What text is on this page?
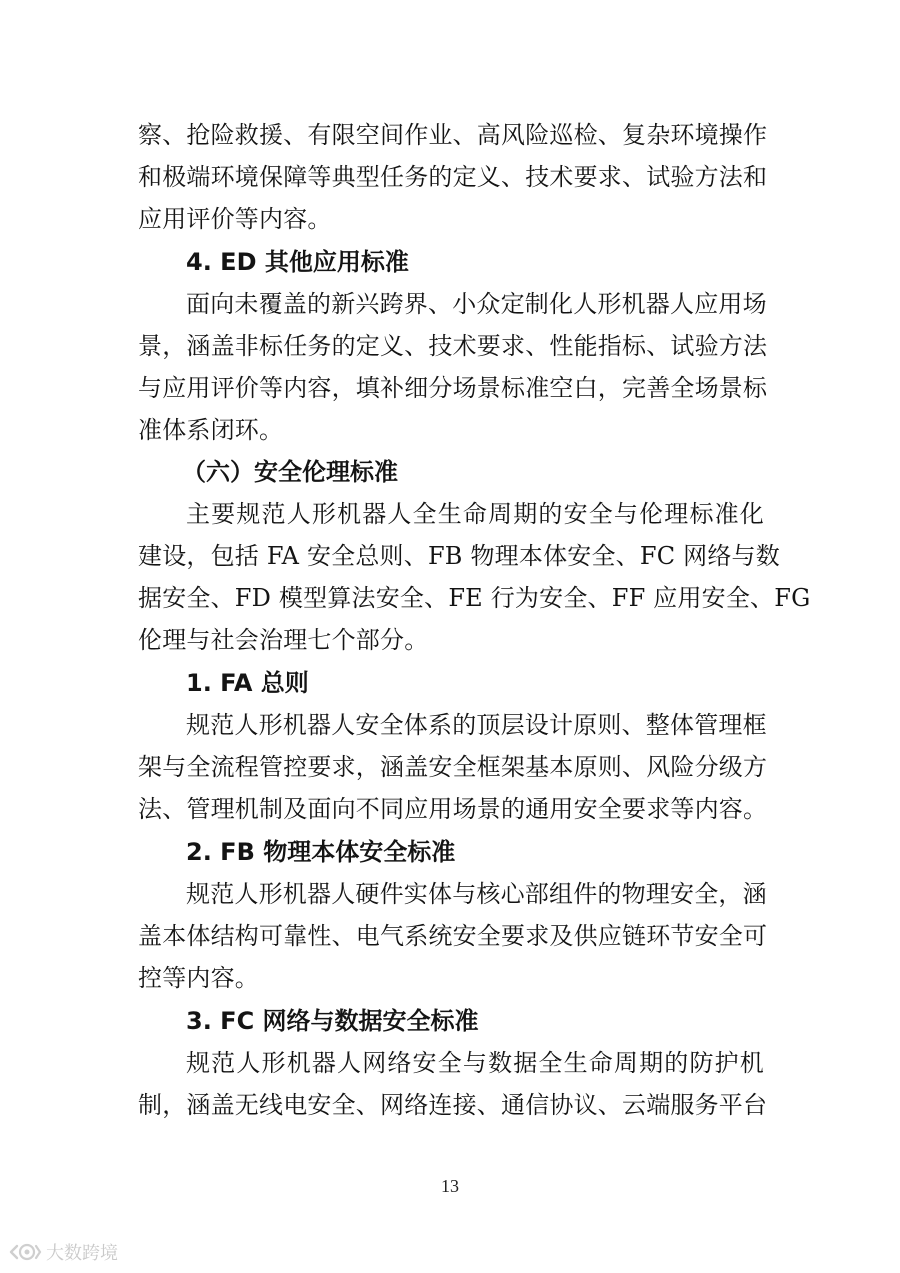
察、抢险救援、有限空间作业、高风险巡检、复杂环境操作
和极端环境保障等典型任务的定义、技术要求、试验方法和
应用评价等内容。
4. ED 其他应用标准
面向未覆盖的新兴跨界、小众定制化人形机器人应用场
景，涵盖非标任务的定义、技术要求、性能指标、试验方法
与应用评价等内容，填补细分场景标准空白，完善全场景标
准体系闭环。
（六）安全伦理标准
主要规范人形机器人全生命周期的安全与伦理标准化
建设，包括 FA 安全总则、FB 物理本体安全、FC 网络与数
据安全、FD 模型算法安全、FE 行为安全、FF 应用安全、FG
伦理与社会治理七个部分。
1. FA 总则
规范人形机器人安全体系的顶层设计原则、整体管理框
架与全流程管控要求，涵盖安全框架基本原则、风险分级方
法、管理机制及面向不同应用场景的通用安全要求等内容。
2. FB 物理本体安全标准
规范人形机器人硬件实体与核心部组件的物理安全，涵
盖本体结构可靠性、电气系统安全要求及供应链环节安全可
控等内容。
3. FC 网络与数据安全标准
规范人形机器人网络安全与数据全生命周期的防护机
制，涵盖无线电安全、网络连接、通信协议、云端服务平台
13
大数跨境
